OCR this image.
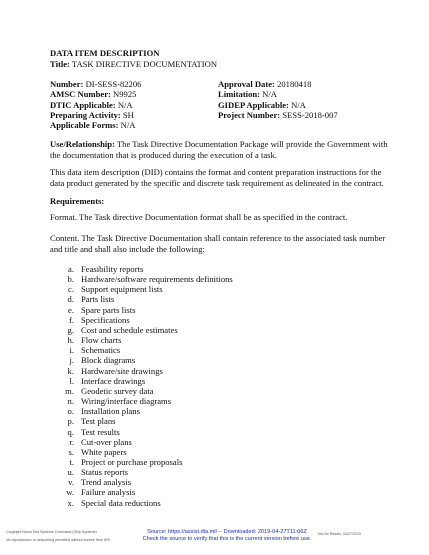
DATA ITEM DESCRIPTION
Title: TASK DIRECTIVE DOCUMENTATION
Number: DI-SESS-82206	Approval Date: 20180418
AMSC Number: N9925	Limitation: N/A
DTIC Applicable: N/A	GIDEP Applicable: N/A
Preparing Activity: SH	Project Number: SESS-2018-007
Applicable Forms: N/A
Use/Relationship: The Task Directive Documentation Package will provide the Government with the documentation that is produced during the execution of a task.
This data item description (DID) contains the format and content preparation instructions for the data product generated by the specific and discrete task requirement as delineated in the contract.
Requirements:
Format. The Task directive Documentation format shall be as specified in the contract.
Content. The Task Directive Documentation shall contain reference to the associated task number and title and shall also include the following:
a. Feasibility reports
b. Hardware/software requirements definitions
c. Support equipment lists
d. Parts lists
e. Spare parts lists
f. Specifications
g. Cost and schedule estimates
h. Flow charts
i. Schematics
j. Block diagrams
k. Hardware/site drawings
l. Interface drawings
m. Geodetic survey data
n. Wiring/interface diagrams
o. Installation plans
p. Test plans
q. Test results
r. Cut-over plans
s. White papers
t. Project or purchase proposals
u. Status reports
v. Trend analysis
w. Failure analysis
x. Special data reductions
Copyright Naval Sea Systems Command (Ship Systems)
No reproduction or networking permitted without license from IHS
Source: https://assist.dla.mil -- Downloaded: 2019-04-27T11:06Z
Check the source to verify that this is the current version before use.
Not for Resale, 04/27/2019
